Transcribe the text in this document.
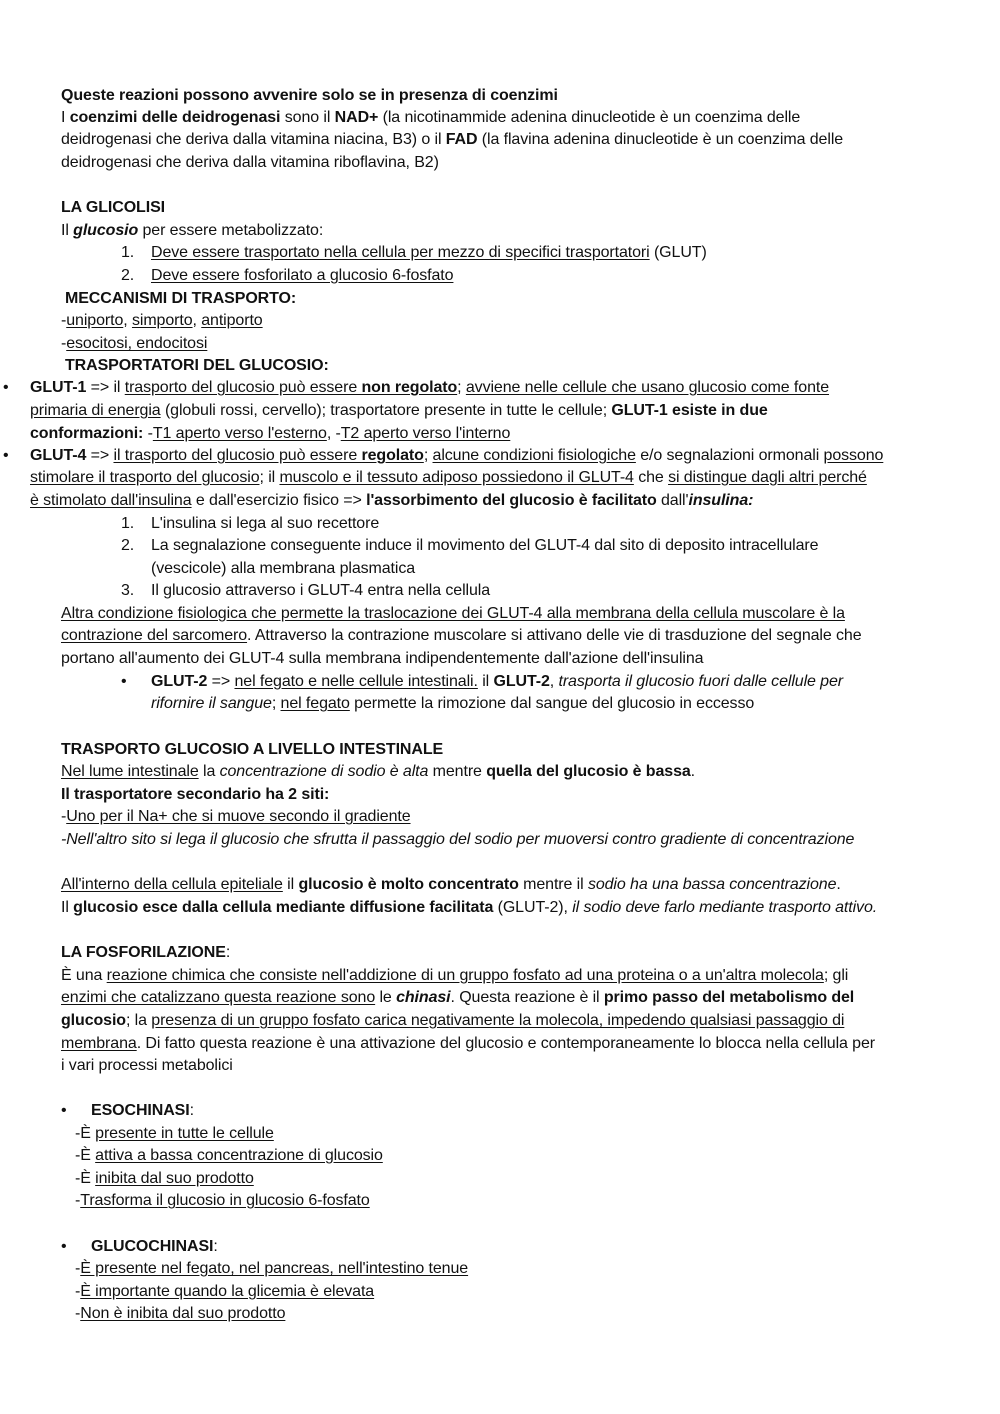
Queste reazioni possono avvenire solo se in presenza di coenzimi
I coenzimi delle deidrogenasi sono il NAD+ (la nicotinammide adenina dinucleotide è un coenzima delle
deidrogenasi che deriva dalla vitamina niacina, B3) o il FAD (la flavina adenina dinucleotide è un coenzima delle
deidrogenasi che deriva dalla vitamina riboflavina, B2)
LA GLICOLISI
Il glucosio per essere metabolizzato:
1. Deve essere trasportato nella cellula per mezzo di specifici trasportatori (GLUT)
2. Deve essere fosforilato a glucosio 6-fosfato
MECCANISMI DI TRASPORTO:
-uniporto, simporto, antiporto
-esocitosi, endocitosi
TRASPORTATORI DEL GLUCOSIO:
• GLUT-1 => il trasporto del glucosio può essere non regolato; avviene nelle cellule che usano glucosio come fonte
primaria di energia (globuli rossi, cervello); trasportatore presente in tutte le cellule; GLUT-1 esiste in due
conformazioni: -T1 aperto verso l'esterno, -T2 aperto verso l'interno
• GLUT-4 => il trasporto del glucosio può essere regolato; alcune condizioni fisiologiche e/o segnalazioni ormonali possono
stimolare il trasporto del glucosio; il muscolo e il tessuto adiposo possiedono il GLUT-4 che si distingue dagli altri perché
è stimolato dall'insulina e dall'esercizio fisico => l'assorbimento del glucosio è facilitato dall'insulina:
1. L'insulina si lega al suo recettore
2. La segnalazione conseguente induce il movimento del GLUT-4 dal sito di deposito intracellulare
(vescicole) alla membrana plasmatica
3. Il glucosio attraverso i GLUT-4 entra nella cellula
Altra condizione fisiologica che permette la traslocazione dei GLUT-4 alla membrana della cellula muscolare è la
contrazione del sarcomero. Attraverso la contrazione muscolare si attivano delle vie di trasduzione del segnale che
portano all'aumento dei GLUT-4 sulla membrana indipendentemente dall'azione dell'insulina
• GLUT-2 => nel fegato e nelle cellule intestinali. il GLUT-2, trasporta il glucosio fuori dalle cellule per
rifornire il sangue; nel fegato permette la rimozione dal sangue del glucosio in eccesso
TRASPORTO GLUCOSIO A LIVELLO INTESTINALE
Nel lume intestinale la concentrazione di sodio è alta mentre quella del glucosio è bassa.
Il trasportatore secondario ha 2 siti:
-Uno per il Na+ che si muove secondo il gradiente
-Nell'altro sito si lega il glucosio che sfrutta il passaggio del sodio per muoversi contro gradiente di concentrazione
All'interno della cellula epiteliale il glucosio è molto concentrato mentre il sodio ha una bassa concentrazione.
Il glucosio esce dalla cellula mediante diffusione facilitata (GLUT-2), il sodio deve farlo mediante trasporto attivo.
LA FOSFORILAZIONE:
È una reazione chimica che consiste nell'addizione di un gruppo fosfato ad una proteina o a un'altra molecola; gli
enzimi che catalizzano questa reazione sono le chinasi. Questa reazione è il primo passo del metabolismo del
glucosio; la presenza di un gruppo fosfato carica negativamente la molecola, impedendo qualsiasi passaggio di
membrana. Di fatto questa reazione è una attivazione del glucosio e contemporaneamente lo blocca nella cellula per
i vari processi metabolici
• ESOCHINASI:
-È presente in tutte le cellule
-È attiva a bassa concentrazione di glucosio
-È inibita dal suo prodotto
-Trasforma il glucosio in glucosio 6-fosfato
• GLUCOCHINASI:
-È presente nel fegato, nel pancreas, nell'intestino tenue
-È importante quando la glicemia è elevata
-Non è inibita dal suo prodotto
